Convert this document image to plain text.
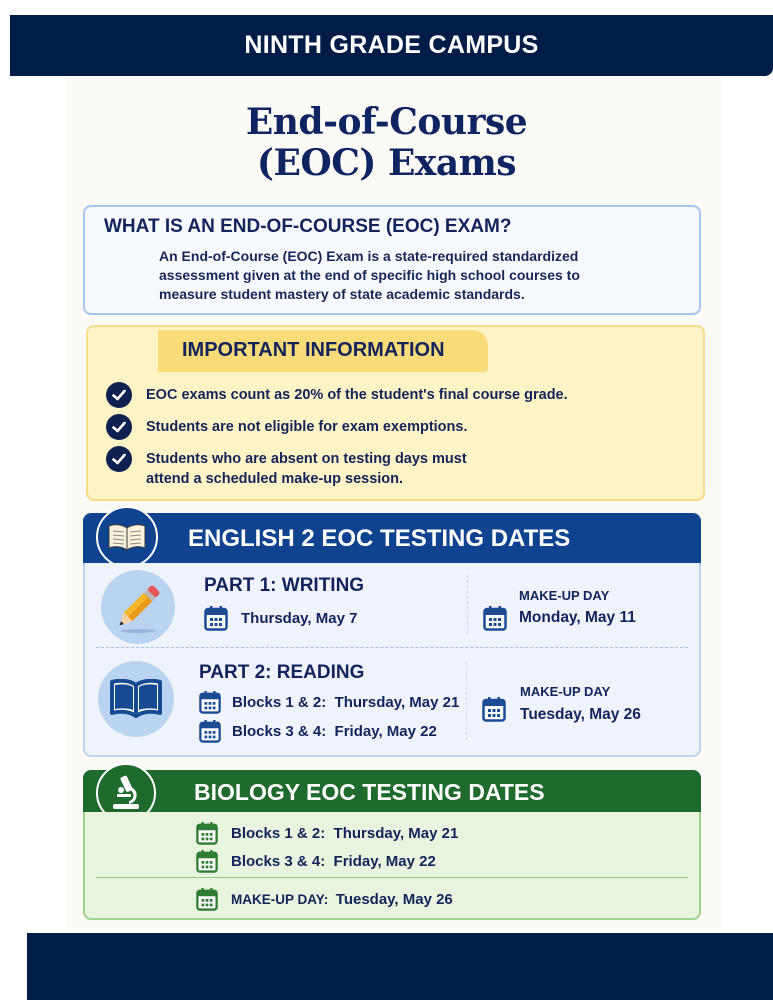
NINTH GRADE CAMPUS
End-of-Course
(EOC) Exams
WHAT IS AN END-OF-COURSE (EOC) EXAM?

An End-of-Course (EOC) Exam is a state-required standardized assessment given at the end of specific high school courses to measure student mastery of state academic standards.

IMPORTANT INFORMATION
EOC exams count as 20% of the student's final course grade.
Students are not eligible for exam exemptions.
Students who are absent on testing days must attend a scheduled make-up session.
ENGLISH 2 EOC TESTING DATES
PART 1: WRITING
Thursday, May 7
MAKE-UP DAY
Monday, May 11
PART 2: READING
Blocks 1 & 2: Thursday, May 21
Blocks 3 & 4: Friday, May 22
MAKE-UP DAY
Tuesday, May 26
BIOLOGY EOC TESTING DATES
Blocks 1 & 2: Thursday, May 21
Blocks 3 & 4: Friday, May 22
MAKE-UP DAY: Tuesday, May 26
